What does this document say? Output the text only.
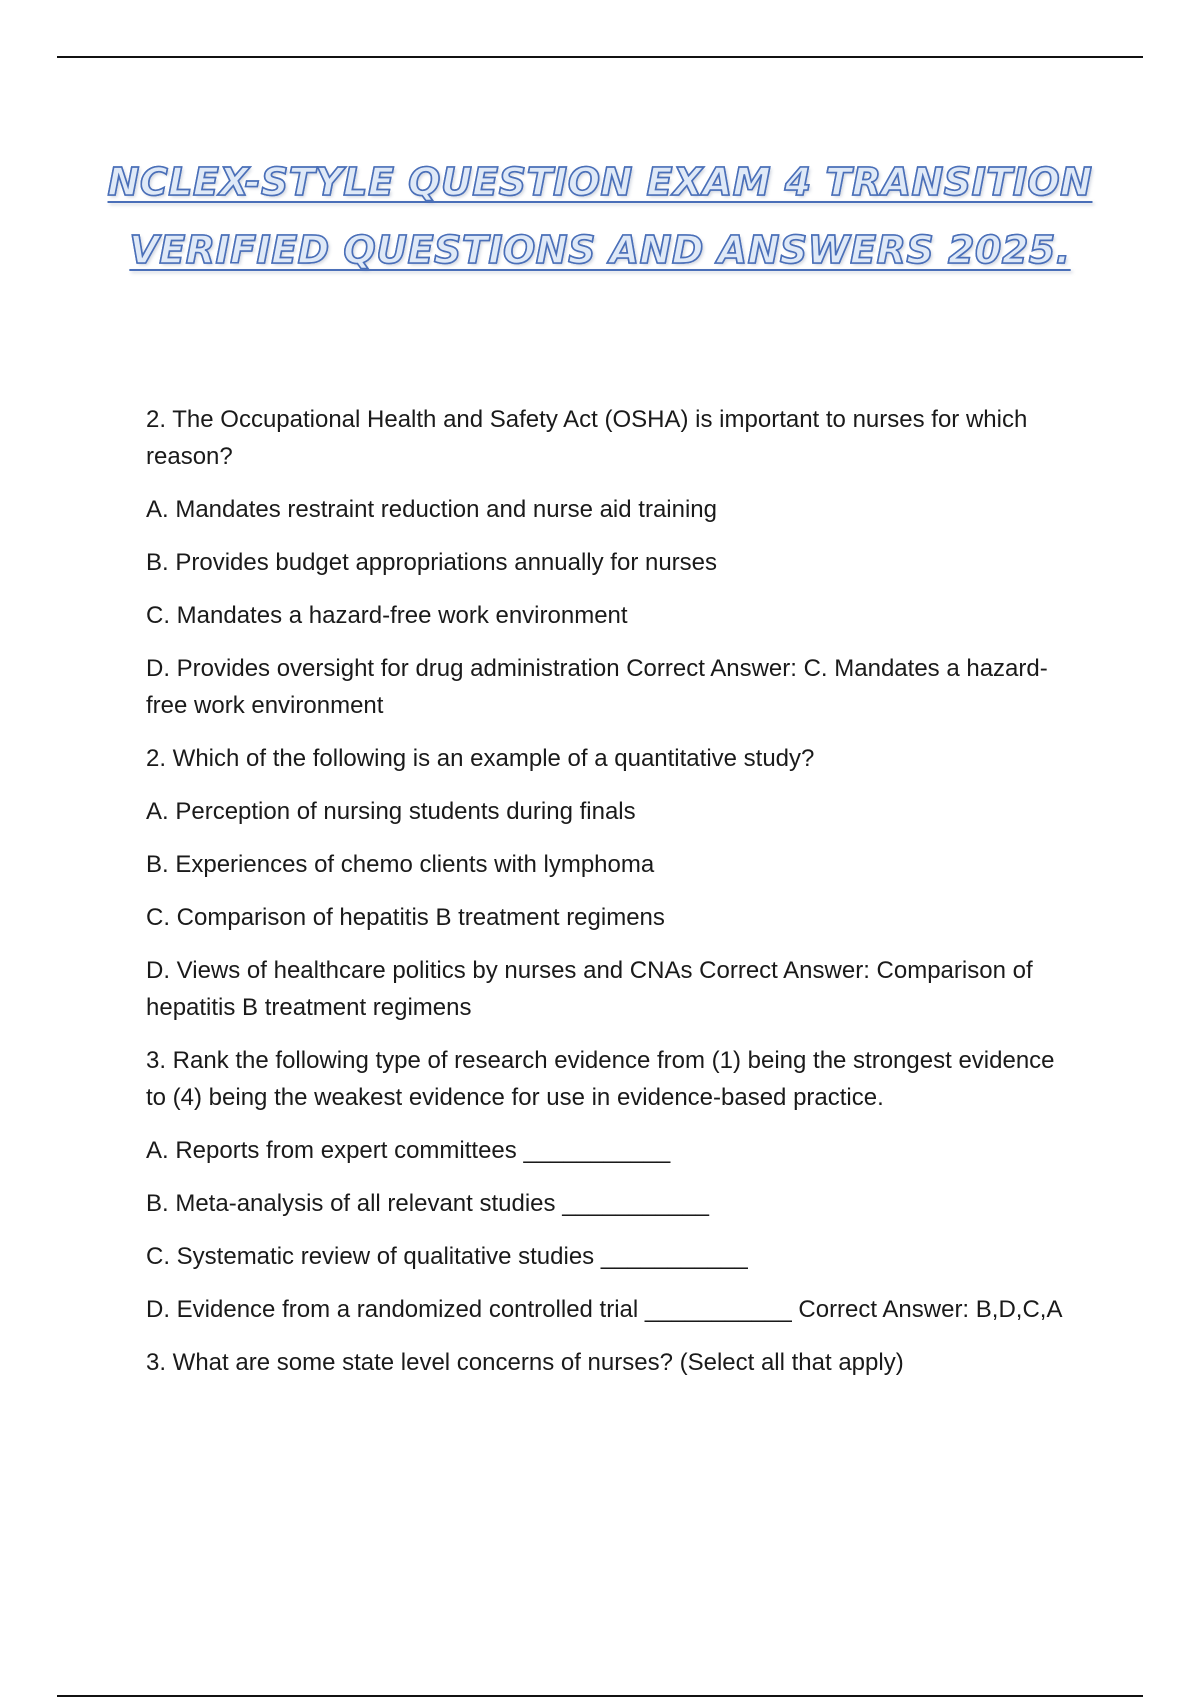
NCLEX-STYLE QUESTION EXAM 4 TRANSITION
VERIFIED QUESTIONS AND ANSWERS 2025.

2. The Occupational Health and Safety Act (OSHA) is important to nurses for which reason?

A. Mandates restraint reduction and nurse aid training

B. Provides budget appropriations annually for nurses

C. Mandates a hazard-free work environment

D. Provides oversight for drug administration Correct Answer: C. Mandates a hazard-free work environment

2. Which of the following is an example of a quantitative study?

A. Perception of nursing students during finals

B. Experiences of chemo clients with lymphoma

C. Comparison of hepatitis B treatment regimens

D. Views of healthcare politics by nurses and CNAs Correct Answer: Comparison of hepatitis B treatment regimens

3. Rank the following type of research evidence from (1) being the strongest evidence to (4) being the weakest evidence for use in evidence-based practice.

A. Reports from expert committees ___________

B. Meta-analysis of all relevant studies ___________

C. Systematic review of qualitative studies ___________

D. Evidence from a randomized controlled trial ___________ Correct Answer: B,D,C,A

3. What are some state level concerns of nurses? (Select all that apply)
